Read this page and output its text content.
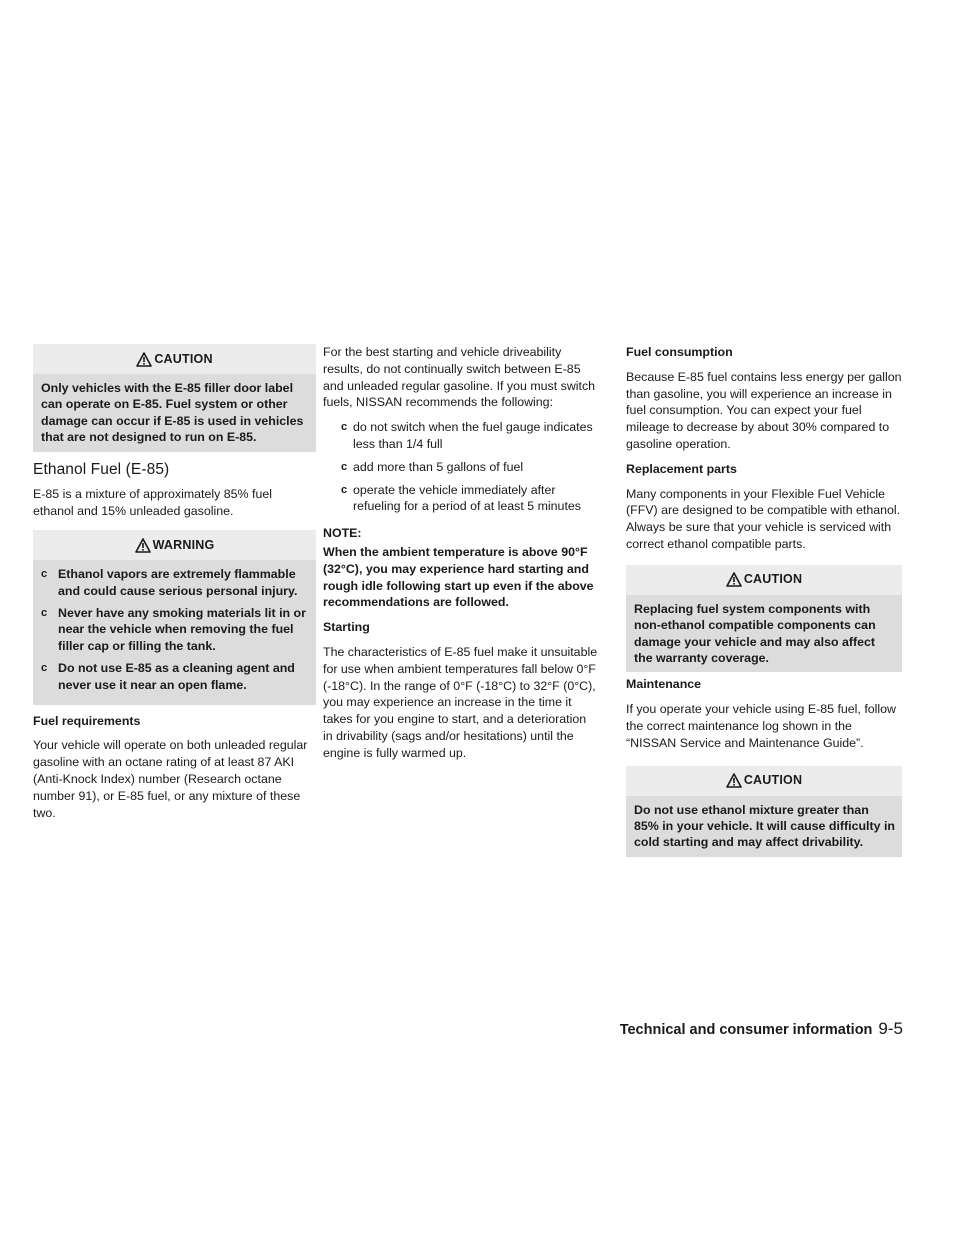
CAUTION

Only vehicles with the E-85 filler door label can operate on E-85. Fuel system or other damage can occur if E-85 is used in vehicles that are not designed to run on E-85.

Ethanol Fuel (E-85)

E-85 is a mixture of approximately 85% fuel ethanol and 15% unleaded gasoline.

WARNING
c Ethanol vapors are extremely flammable and could cause serious personal injury.
c Never have any smoking materials lit in or near the vehicle when removing the fuel filler cap or filling the tank.
c Do not use E-85 as a cleaning agent and never use it near an open flame.
Fuel requirements

Your vehicle will operate on both unleaded regular gasoline with an octane rating of at least 87 AKI (Anti-Knock Index) number (Research octane number 91), or E-85 fuel, or any mixture of these two.

For the best starting and vehicle driveability results, do not continually switch between E-85 and unleaded regular gasoline. If you must switch fuels, NISSAN recommends the following:

c do not switch when the fuel gauge indicates less than 1/4 full
c add more than 5 gallons of fuel
c operate the vehicle immediately after refueling for a period of at least 5 minutes
NOTE:

When the ambient temperature is above 90°F (32°C), you may experience hard starting and rough idle following start up even if the above recommendations are followed.

Starting

The characteristics of E-85 fuel make it unsuitable for use when ambient temperatures fall below 0°F (-18°C). In the range of 0°F (-18°C) to 32°F (0°C), you may experience an increase in the time it takes for you engine to start, and a deterioration in drivability (sags and/or hesitations) until the engine is fully warmed up.

Fuel consumption

Because E-85 fuel contains less energy per gallon than gasoline, you will experience an increase in fuel consumption. You can expect your fuel mileage to decrease by about 30% compared to gasoline operation.

Replacement parts

Many components in your Flexible Fuel Vehicle (FFV) are designed to be compatible with ethanol. Always be sure that your vehicle is serviced with correct ethanol compatible parts.

CAUTION

Replacing fuel system components with non-ethanol compatible components can damage your vehicle and may also affect the warranty coverage.

Maintenance

If you operate your vehicle using E-85 fuel, follow the correct maintenance log shown in the “NISSAN Service and Maintenance Guide”.

CAUTION

Do not use ethanol mixture greater than 85% in your vehicle. It will cause difficulty in cold starting and may affect drivability.

Technical and consumer information 9-5
